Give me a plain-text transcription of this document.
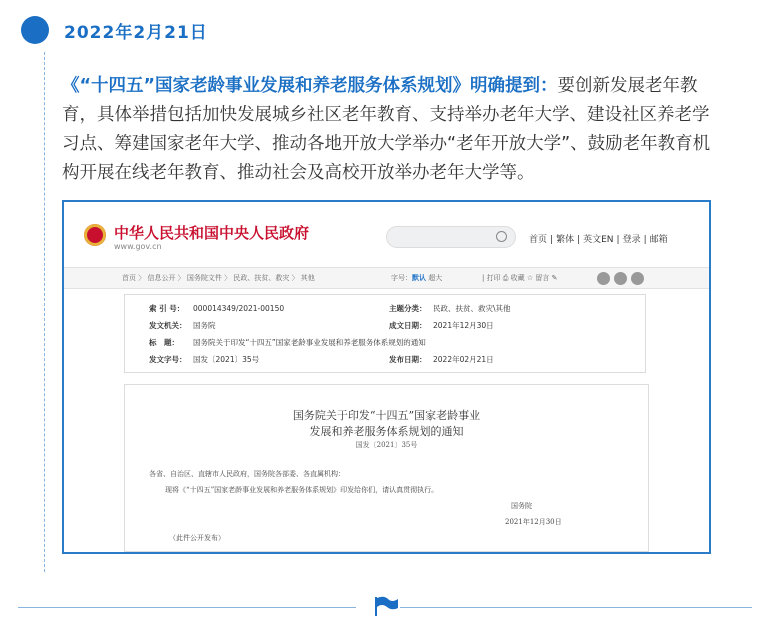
2022年2月21日
《“十四五”国家老龄事业发展和养老服务体系规划》明确提到：要创新发展老年教育，具体举措包括加快发展城乡社区老年教育、支持举办老年大学、建设社区养老学习点、筹建国家老年大学、推动各地开放大学举办“老年开放大学”、鼓励老年教育机构开展在线老年教育、推动社会及高校开放举办老年大学等。
中华人民共和国中央人民政府
www.gov.cn
首页 | 繁体 | 英文EN | 登录 | 邮箱
首页 〉 信息公开 〉 国务院文件 〉 民政、扶贫、救灾 〉 其他	字号：默认 超大	| 打印 ⎙ 收藏 ☆ 留言 ✎
索 引 号： 000014349/2021-00150	主题分类： 民政、扶贫、救灾\其他
发文机关： 国务院	成文日期： 2021年12月30日
标　题： 国务院关于印发“十四五”国家老龄事业发展和养老服务体系规划的通知
发文字号： 国发〔2021〕35号	发布日期： 2022年02月21日
国务院关于印发“十四五”国家老龄事业
发展和养老服务体系规划的通知
国发〔2021〕35号
各省、自治区、直辖市人民政府，国务院各部委、各直属机构：
现将《“十四五”国家老龄事业发展和养老服务体系规划》印发给你们，请认真贯彻执行。
国务院
2021年12月30日
（此件公开发布）
